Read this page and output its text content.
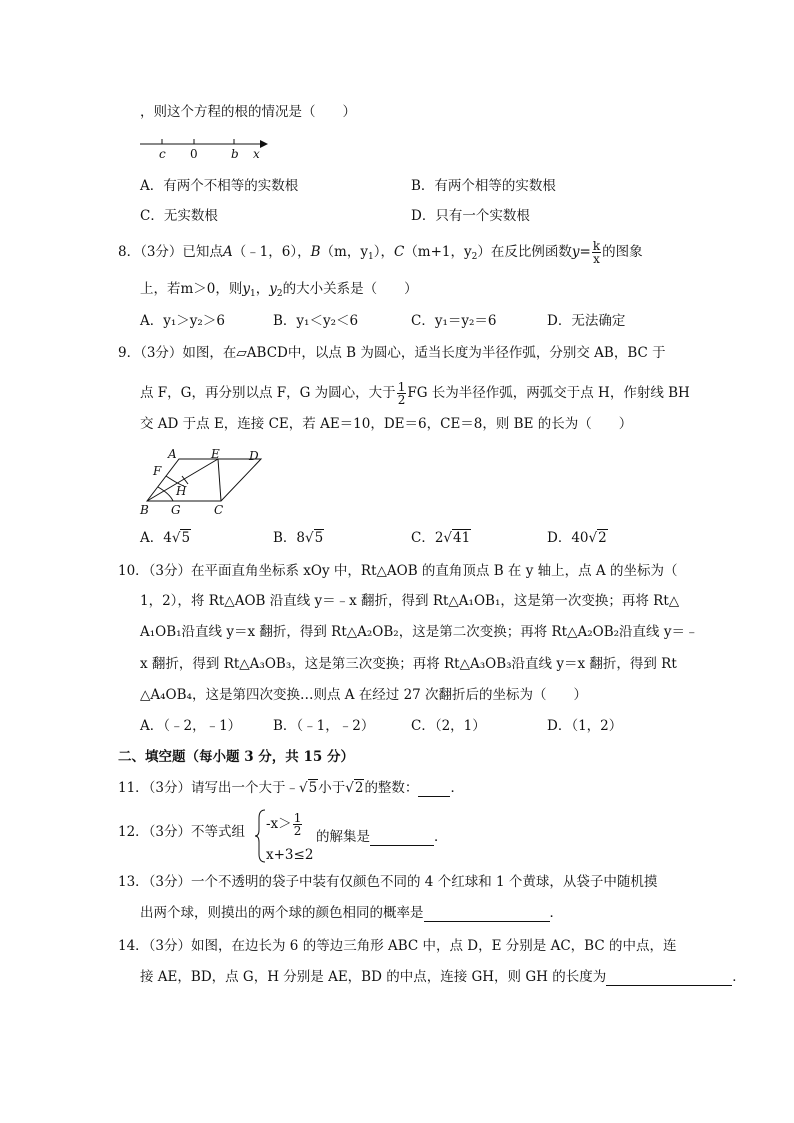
，则这个方程的根的情况是（　　）
c 0	b x
A．有两个不相等的实数根	B．有两个相等的实数根
C．无实数根	D．只有一个实数根
8．（3分）已知点A（﹣1，6），B（m，$y_1$），C（m+1，$y_2$）在反比例函数$y= \frac{k}{x}$ 的图象
上，若m＞0，则$y_1$，$y_2$的大小关系是（　　）
A．y₁＞y₂＞6	B．y₁＜y₂＜6	C．y₁＝y₂＝6	D．无法确定
9．（3分）如图，在▱ABCD中，以点 B 为圆心，适当长度为半径作弧，分别交 AB，BC 于
点 F，G，再分别以点 F，G 为圆心，大于 $\frac{1}{2}$ FG 长为半径作弧，两弧交于点 H，作射线 BH
交 AD 于点 E，连接 CE，若 AE＝10，DE＝6，CE＝8，则 BE 的长为（　　）
A	E D
F
H
B G	C
A．4√5	B．8√5	C．2√41	D．40√2
10．（3分）在平面直角坐标系 xOy 中，Rt△AOB 的直角顶点 B 在 y 轴上，点 A 的坐标为（
1，2），将 Rt△AOB 沿直线 y＝﹣x 翻折，得到 Rt△A₁OB₁，这是第一次变换；再将 Rt△
A₁OB₁沿直线 y＝x 翻折，得到 Rt△A₂OB₂，这是第二次变换；再将 Rt△A₂OB₂沿直线 y＝﹣
x 翻折，得到 Rt△A₃OB₃，这是第三次变换；再将 Rt△A₃OB₃沿直线 y＝x 翻折，得到 Rt
△A₄OB₄，这是第四次变换…则点 A 在经过 27 次翻折后的坐标为（　　）
A．（﹣2，﹣1） B．（﹣1，﹣2）	C．（2，1）	D．（1，2）
二、填空题（每小题 3 分，共 15 分）
11．（3分）请写出一个大于﹣√5小于√2的整数： ．
12．（3分）不等式组 $-x> \frac{1}{2}$
x+3≤2
的解集是	．
13．（3分）一个不透明的袋子中装有仅颜色不同的 4 个红球和 1 个黄球，从袋子中随机摸
出两个球，则摸出的两个球的颜色相同的概率是	．
14．（3分）如图，在边长为 6 的等边三角形 ABC 中，点 D，E 分别是 AC，BC 的中点，连
接 AE，BD，点 G，H 分别是 AE，BD 的中点，连接 GH，则 GH 的长度为	．
